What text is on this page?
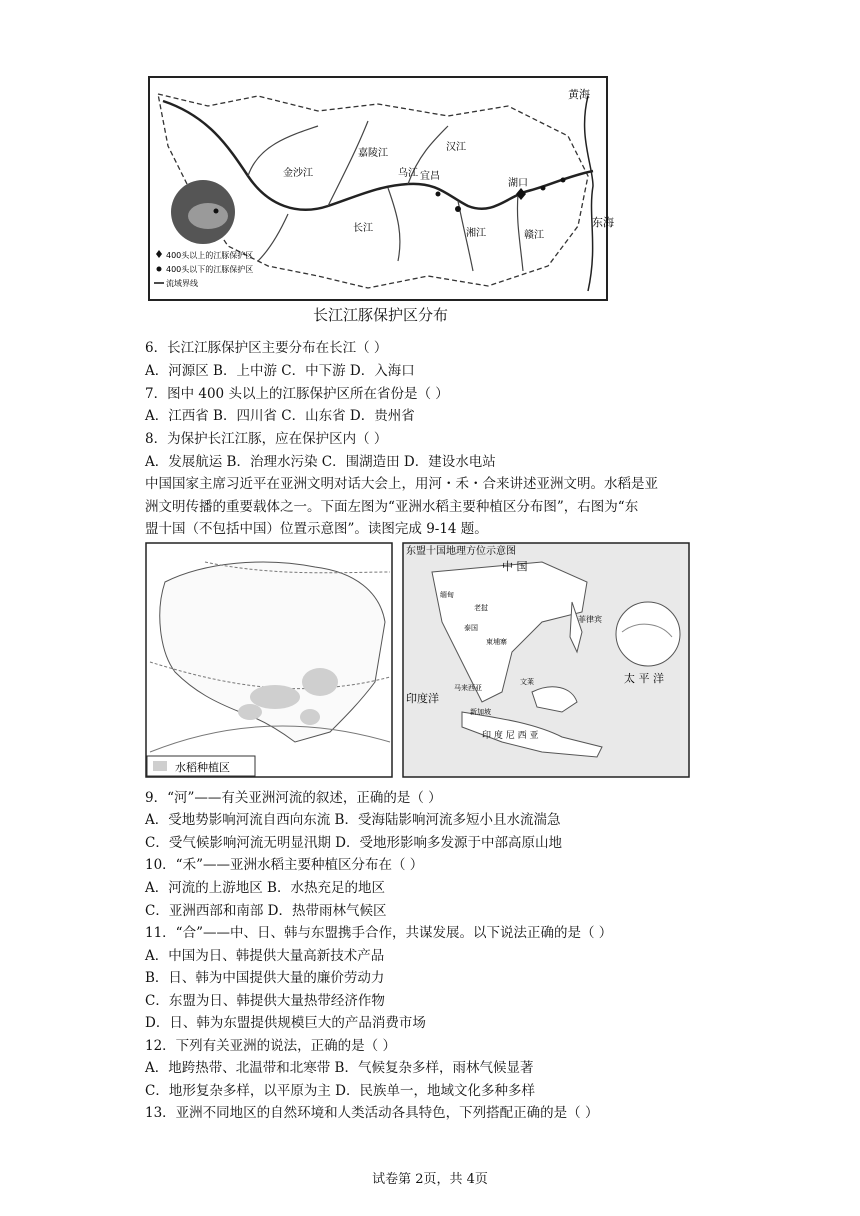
黄海
东海
嘉陵江
金沙江
长江
宜昌
汉江
乌江
湖口
湘江	赣江
400头以上的江豚保护区
400头以下的江豚保护区
流域界线
长江江豚保护区分布
6．长江江豚保护区主要分布在长江（ ）
A．河源区 B．上中游 C．中下游 D．入海口
7．图中 400 头以上的江豚保护区所在省份是（ ）
A．江西省 B．四川省 C．山东省 D．贵州省
8．为保护长江江豚，应在保护区内（ ）
A．发展航运 B．治理水污染 C．围湖造田 D．建设水电站
中国国家主席习近平在亚洲文明对话大会上，用河・禾・合来讲述亚洲文明。水稻是亚
洲文明传播的重要载体之一。下面左图为“亚洲水稻主要种植区分布图”，右图为“东
盟十国（不包括中国）位置示意图”。读图完成 9-14 题。
水稻种植区
东盟十国地理方位示意图
中 国
缅甸
老挝
泰国
柬埔寨
菲律宾
太 平 洋
印度洋
马来西亚
文莱
新加坡
印 度 尼 西 亚
9．“河”——有关亚洲河流的叙述，正确的是（ ）
A．受地势影响河流自西向东流 B．受海陆影响河流多短小且水流湍急
C．受气候影响河流无明显汛期 D．受地形影响多发源于中部高原山地
10．“禾”——亚洲水稻主要种植区分布在（ ）
A．河流的上游地区 B．水热充足的地区
C．亚洲西部和南部 D．热带雨林气候区
11．“合”——中、日、韩与东盟携手合作，共谋发展。以下说法正确的是（ ）
A．中国为日、韩提供大量高新技术产品
B．日、韩为中国提供大量的廉价劳动力
C．东盟为日、韩提供大量热带经济作物
D．日、韩为东盟提供规模巨大的产品消费市场
12．下列有关亚洲的说法，正确的是（ ）
A．地跨热带、北温带和北寒带 B．气候复杂多样，雨林气候显著
C．地形复杂多样，以平原为主 D．民族单一，地域文化多种多样
13．亚洲不同地区的自然环境和人类活动各具特色，下列搭配正确的是（ ）
试卷第 2页，共 4页
